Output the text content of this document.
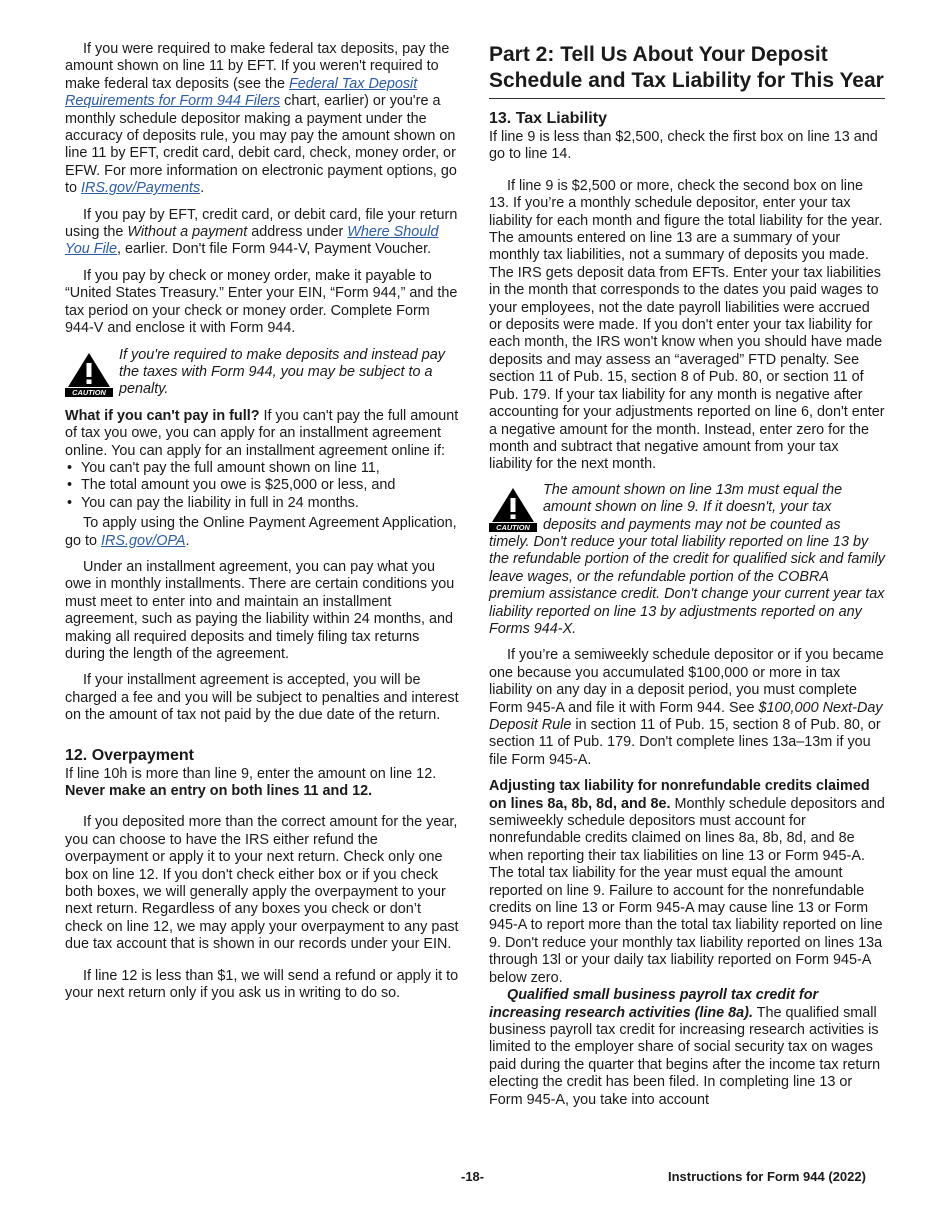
If you were required to make federal tax deposits, pay the amount shown on line 11 by EFT. If you weren't required to make federal tax deposits (see the Federal Tax Deposit Requirements for Form 944 Filers chart, earlier) or you're a monthly schedule depositor making a payment under the accuracy of deposits rule, you may pay the amount shown on line 11 by EFT, credit card, debit card, check, money order, or EFW. For more information on electronic payment options, go to IRS.gov/Payments.

If you pay by EFT, credit card, or debit card, file your return using the Without a payment address under Where Should You File, earlier. Don't file Form 944-V, Payment Voucher.

If you pay by check or money order, make it payable to “United States Treasury.” Enter your EIN, “Form 944,” and the tax period on your check or money order. Complete Form 944-V and enclose it with Form 944.

CAUTION

If you're required to make deposits and instead pay the taxes with Form 944, you may be subject to a penalty.

What if you can't pay in full? If you can't pay the full amount of tax you owe, you can apply for an installment agreement online. You can apply for an installment agreement online if:

• You can't pay the full amount shown on line 11,
• The total amount you owe is $25,000 or less, and
• You can pay the liability in full in 24 months.

To apply using the Online Payment Agreement Application, go to IRS.gov/OPA.

Under an installment agreement, you can pay what you owe in monthly installments. There are certain conditions you must meet to enter into and maintain an installment agreement, such as paying the liability within 24 months, and making all required deposits and timely filing tax returns during the length of the agreement.

If your installment agreement is accepted, you will be charged a fee and you will be subject to penalties and interest on the amount of tax not paid by the due date of the return.

12. Overpayment

If line 10h is more than line 9, enter the amount on line 12. Never make an entry on both lines 11 and 12.

If you deposited more than the correct amount for the year, you can choose to have the IRS either refund the overpayment or apply it to your next return. Check only one box on line 12. If you don't check either box or if you check both boxes, we will generally apply the overpayment to your next return. Regardless of any boxes you check or don’t check on line 12, we may apply your overpayment to any past due tax account that is shown in our records under your EIN.

If line 12 is less than $1, we will send a refund or apply it to your next return only if you ask us in writing to do so.

Part 2: Tell Us About Your Deposit Schedule and Tax Liability for This Year
13. Tax Liability

If line 9 is less than $2,500, check the first box on line 13 and go to line 14.

If line 9 is $2,500 or more, check the second box on line 13. If you’re a monthly schedule depositor, enter your tax liability for each month and figure the total liability for the year. The amounts entered on line 13 are a summary of your monthly tax liabilities, not a summary of deposits you made. The IRS gets deposit data from EFTs. Enter your tax liabilities in the month that corresponds to the dates you paid wages to your employees, not the date payroll liabilities were accrued or deposits were made. If you don't enter your tax liability for each month, the IRS won't know when you should have made deposits and may assess an “averaged” FTD penalty. See section 11 of Pub. 15, section 8 of Pub. 80, or section 11 of Pub. 179. If your tax liability for any month is negative after accounting for your adjustments reported on line 6, don't enter a negative amount for the month. Instead, enter zero for the month and subtract that negative amount from your tax liability for the next month.

CAUTION

The amount shown on line 13m must equal the amount shown on line 9. If it doesn't, your tax deposits and payments may not be counted as timely. Don't reduce your total liability reported on line 13 by the refundable portion of the credit for qualified sick and family leave wages, or the refundable portion of the COBRA premium assistance credit. Don't change your current year tax liability reported on line 13 by adjustments reported on any Forms 944-X.

If you’re a semiweekly schedule depositor or if you became one because you accumulated $100,000 or more in tax liability on any day in a deposit period, you must complete Form 945-A and file it with Form 944. See $100,000 Next-Day Deposit Rule in section 11 of Pub. 15, section 8 of Pub. 80, or section 11 of Pub. 179. Don't complete lines 13a–13m if you file Form 945-A.

Adjusting tax liability for nonrefundable credits claimed on lines 8a, 8b, 8d, and 8e. Monthly schedule depositors and semiweekly schedule depositors must account for nonrefundable credits claimed on lines 8a, 8b, 8d, and 8e when reporting their tax liabilities on line 13 or Form 945-A. The total tax liability for the year must equal the amount reported on line 9. Failure to account for the nonrefundable credits on line 13 or Form 945-A may cause line 13 or Form 945-A to report more than the total tax liability reported on line 9. Don't reduce your monthly tax liability reported on lines 13a through 13l or your daily tax liability reported on Form 945-A below zero.

Qualified small business payroll tax credit for increasing research activities (line 8a). The qualified small business payroll tax credit for increasing research activities is limited to the employer share of social security tax on wages paid during the quarter that begins after the income tax return electing the credit has been filed. In completing line 13 or Form 945-A, you take into account

-18-	Instructions for Form 944 (2022)
